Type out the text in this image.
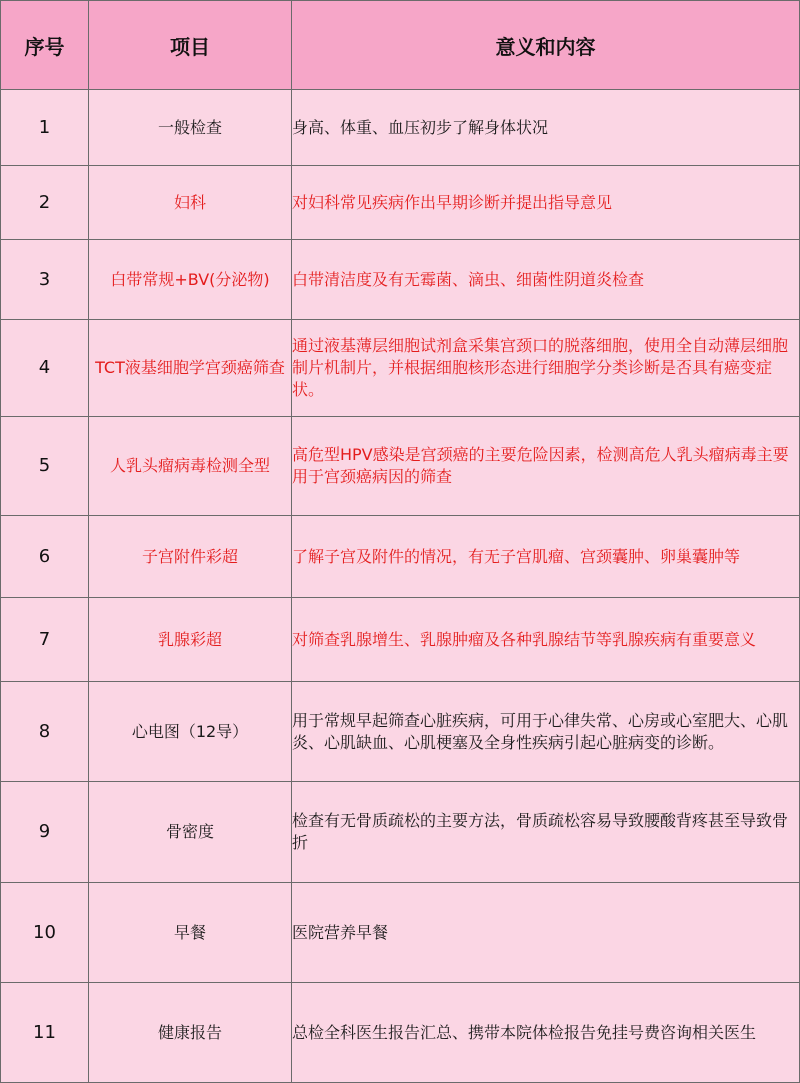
序号	项目	意义和内容
1	一般检查	身高、体重、血压初步了解身体状况
2	妇科	对妇科常见疾病作出早期诊断并提出指导意见
3	白带常规+BV(分泌物)	白带清洁度及有无霉菌、滴虫、细菌性阴道炎检查
4	TCT液基细胞学宫颈癌筛查	通过液基薄层细胞试剂盒采集宫颈口的脱落细胞，使用全自动薄层细胞制片机制片，并根据细胞核形态进行细胞学分类诊断是否具有癌变症状。
5	人乳头瘤病毒检测全型	高危型HPV感染是宫颈癌的主要危险因素，检测高危人乳头瘤病毒主要用于宫颈癌病因的筛查
6	子宫附件彩超	了解子宫及附件的情况，有无子宫肌瘤、宫颈囊肿、卵巢囊肿等
7	乳腺彩超	对筛查乳腺增生、乳腺肿瘤及各种乳腺结节等乳腺疾病有重要意义
8	心电图（12导）	用于常规早起筛查心脏疾病，可用于心律失常、心房或心室肥大、心肌炎、心肌缺血、心肌梗塞及全身性疾病引起心脏病变的诊断。
9	骨密度	检查有无骨质疏松的主要方法，骨质疏松容易导致腰酸背疼甚至导致骨折
10	早餐	医院营养早餐
11	健康报告	总检全科医生报告汇总、携带本院体检报告免挂号费咨询相关医生
